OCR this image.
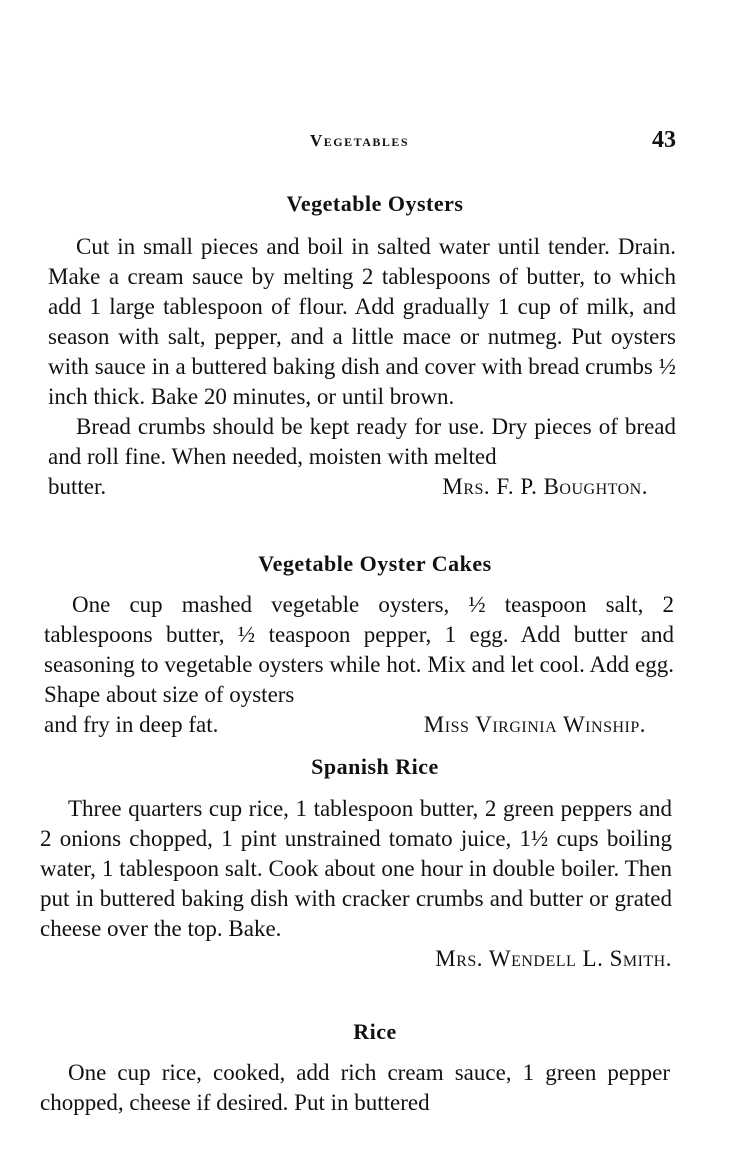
Vegetables	43
Vegetable Oysters

Cut in small pieces and boil in salted water until tender. Drain. Make a cream sauce by melting 2 tablespoons of butter, to which add 1 large tablespoon of flour. Add gradually 1 cup of milk, and season with salt, pepper, and a little mace or nutmeg. Put oysters with sauce in a buttered baking dish and cover with bread crumbs ½ inch thick. Bake 20 minutes, or until brown.

Bread crumbs should be kept ready for use. Dry pieces of bread and roll fine. When needed, moisten with melted

butter.	Mrs. F. P. Boughton.
Vegetable Oyster Cakes

One cup mashed vegetable oysters, ½ teaspoon salt, 2 tablespoons butter, ½ teaspoon pepper, 1 egg. Add butter and seasoning to vegetable oysters while hot. Mix and let cool. Add egg. Shape about size of oysters

and fry in deep fat.	Miss Virginia Winship.
Spanish Rice

Three quarters cup rice, 1 tablespoon butter, 2 green peppers and 2 onions chopped, 1 pint unstrained tomato juice, 1½ cups boiling water, 1 tablespoon salt. Cook about one hour in double boiler. Then put in buttered baking dish with cracker crumbs and butter or grated cheese over the top. Bake.

Mrs. Wendell L. Smith.
Rice

One cup rice, cooked, add rich cream sauce, 1 green pepper chopped, cheese if desired. Put in buttered
